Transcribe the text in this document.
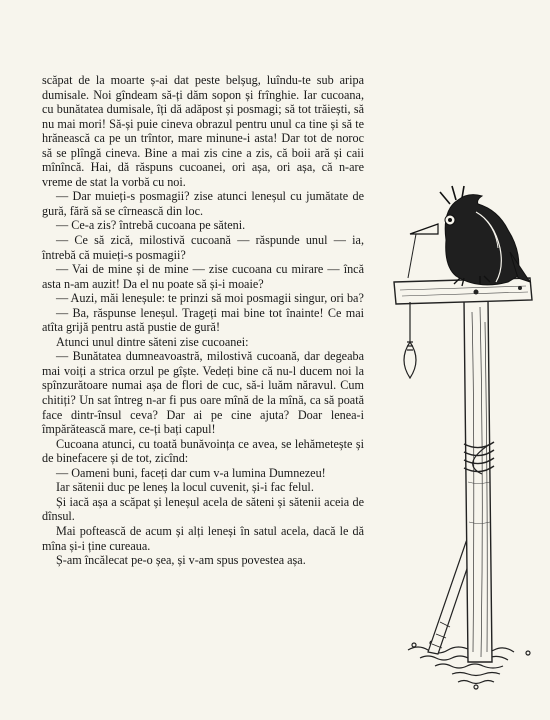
scăpat de la moarte ș-ai dat peste belșug, luîndu-te sub aripa dumisale. Noi gîndeam să-ți dăm sopon și frînghie. Iar cucoana, cu bunătatea dumisale, îți dă adăpost și posmagi; să tot trăiești, să nu mai mori! Să-și puie cineva obrazul pentru unul ca tine și să te hrănească ca pe un trîntor, mare minune-i asta! Dar tot de noroc să se plîngă cineva. Bine a mai zis cine a zis, că boii ară și caii mînîncă. Hai, dă răspuns cucoanei, ori așa, ori așa, că n-are vreme de stat la vorbă cu noi.

— Dar muieți-s posmagii? zise atunci leneșul cu jumătate de gură, fără să se cîrnească din loc.

— Ce-a zis? întrebă cucoana pe săteni.

— Ce să zică, milostivă cucoană — răspunde unul — ia, întrebă că muieți-s posmagii?

— Vai de mine și de mine — zise cucoana cu mirare — încă asta n-am auzit! Da el nu poate să și-i moaie?

— Auzi, măi leneșule: te prinzi să moi posmagii singur, ori ba?

— Ba, răspunse leneșul. Trageți mai bine tot înainte! Ce mai atîta grijă pentru astă pustie de gură!

Atunci unul dintre săteni zise cucoanei:

— Bunătatea dumneavoastră, milostivă cucoană, dar degeaba mai voiți a strica orzul pe gîște. Vedeți bine că nu-l ducem noi la spînzurătoare numai așa de flori de cuc, să-i luăm năravul. Cum chitiți? Un sat întreg n-ar fi pus oare mînă de la mînă, ca să poată face dintr-însul ceva? Dar ai pe cine ajuta? Doar lenea-i împărătească mare, ce-ți bați capul!

Cucoana atunci, cu toată bunăvoința ce avea, se lehămetește și de binefacere și de tot, zicînd:

— Oameni buni, faceți dar cum v-a lumina Dumnezeu!

Iar sătenii duc pe leneș la locul cuvenit, și-i fac felul.

Și iacă așa a scăpat și leneșul acela de săteni și sătenii aceia de dînsul.

Mai poftească de acum și alți leneși în satul acela, dacă le dă mîna și-i ține cureaua.

Ș-am încălecat pe-o șea, și v-am spus povestea așa.
